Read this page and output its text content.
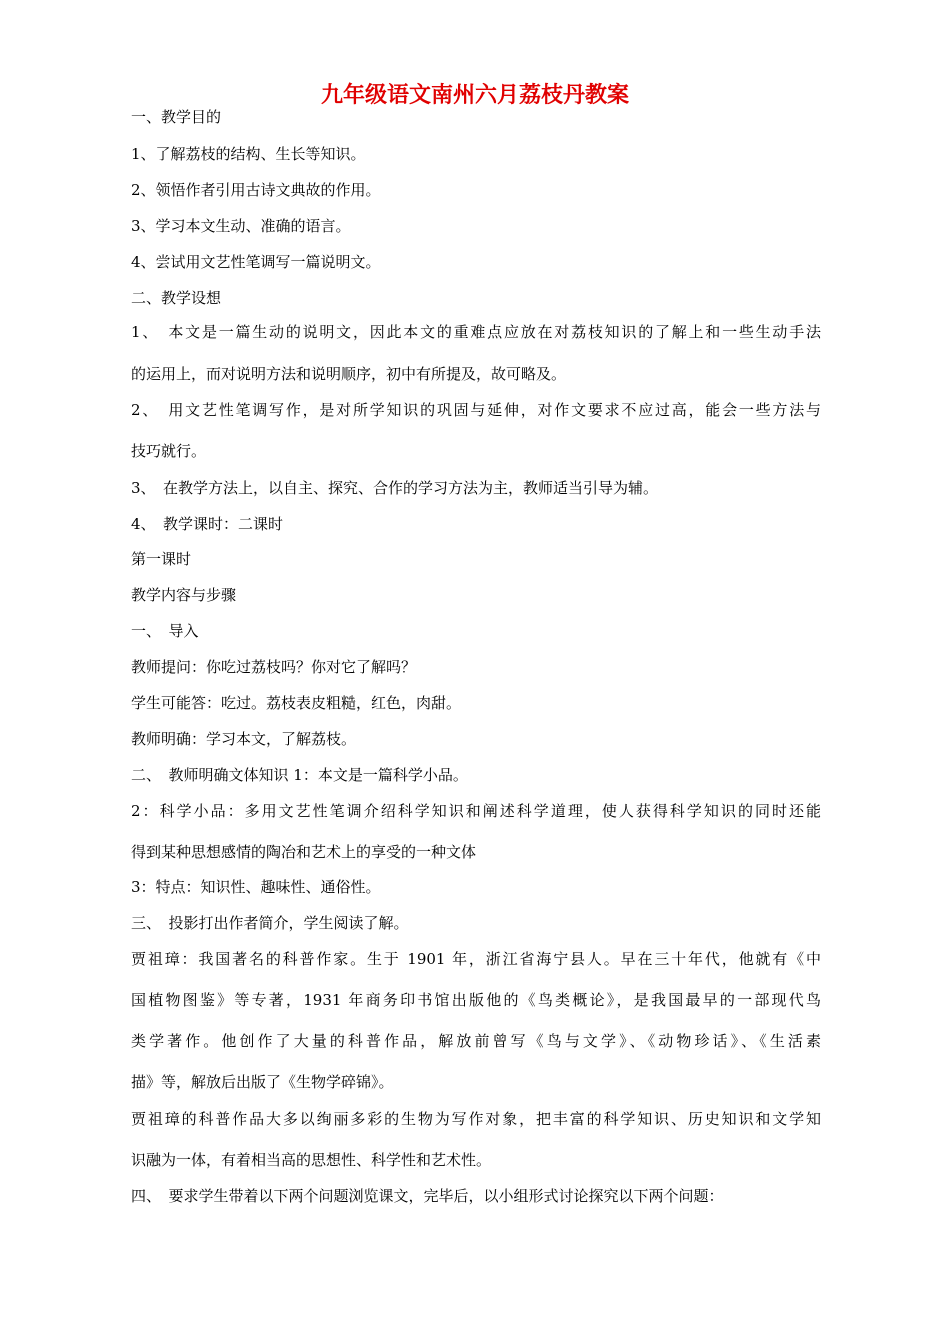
九年级语文南州六月荔枝丹教案
一、教学目的
1、了解荔枝的结构、生长等知识。
2、领悟作者引用古诗文典故的作用。
3、学习本文生动、准确的语言。
4、尝试用文艺性笔调写一篇说明文。
二、教学设想
1、　本文是一篇生动的说明文，因此本文的重难点应放在对荔枝知识的了解上和一些生动手法
的运用上，而对说明方法和说明顺序，初中有所提及，故可略及。
2、　用文艺性笔调写作，是对所学知识的巩固与延伸，对作文要求不应过高，能会一些方法与
技巧就行。
3、　在教学方法上，以自主、探究、合作的学习方法为主，教师适当引导为辅。
4、　教学课时：二课时
第一课时
教学内容与步骤
一、　导入
教师提问：你吃过荔枝吗？你对它了解吗？
学生可能答：吃过。荔枝表皮粗糙，红色，肉甜。
教师明确：学习本文，了解荔枝。
二、　教师明确文体知识 1：本文是一篇科学小品。
2：科学小品：多用文艺性笔调介绍科学知识和阐述科学道理，使人获得科学知识的同时还能
得到某种思想感情的陶冶和艺术上的享受的一种文体
3：特点：知识性、趣味性、通俗性。
三、　投影打出作者简介，学生阅读了解。
贾祖璋：我国著名的科普作家。生于 1901 年，浙江省海宁县人。早在三十年代，他就有《中
国植物图鉴》等专著，1931 年商务印书馆出版他的《鸟类概论》，是我国最早的一部现代鸟
类学著作。他创作了大量的科普作品，解放前曾写《鸟与文学》、《动物珍话》、《生活素
描》等，解放后出版了《生物学碎锦》。
贾祖璋的科普作品大多以绚丽多彩的生物为写作对象，把丰富的科学知识、历史知识和文学知
识融为一体，有着相当高的思想性、科学性和艺术性。
四、　要求学生带着以下两个问题浏览课文，完毕后，以小组形式讨论探究以下两个问题：
